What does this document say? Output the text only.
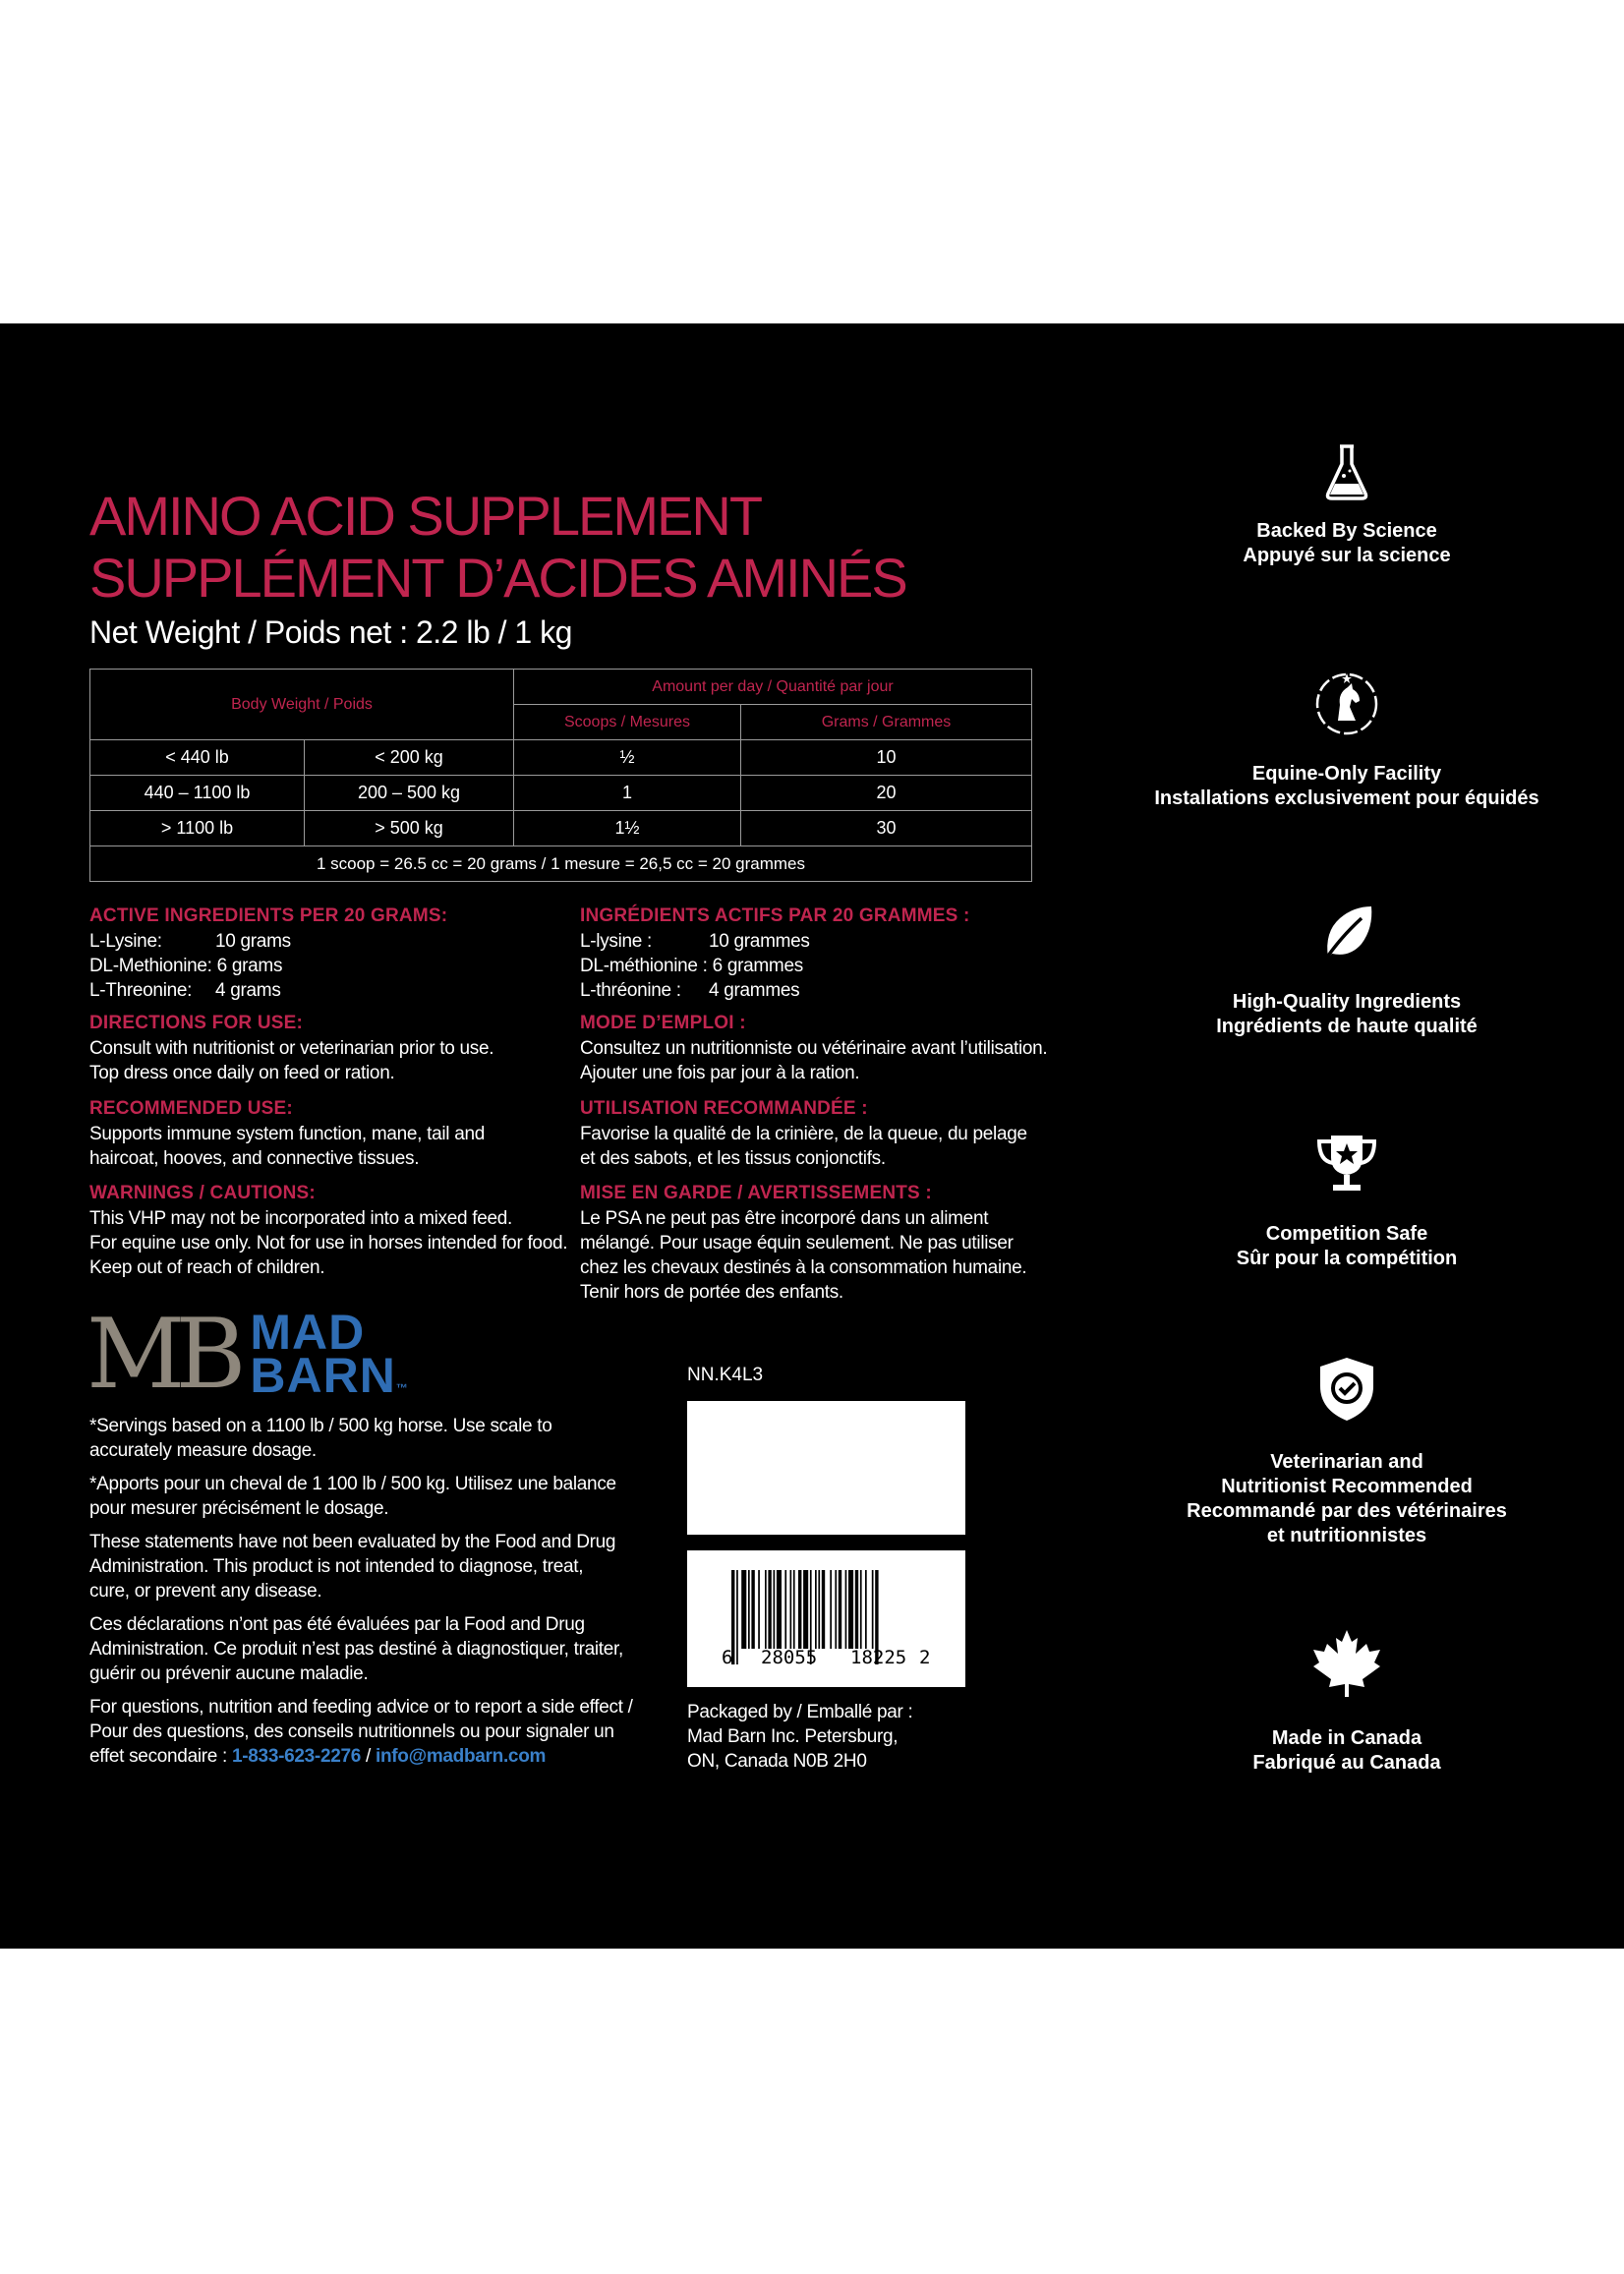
AMINO ACID SUPPLEMENT
SUPPLÉMENT D’ACIDES AMINÉS
Net Weight / Poids net : 2.2 lb / 1 kg
Body Weight / Poids		Amount per day / Quantité par jour	
		Scoops / Mesures	Grams / Grammes
< 440 lb	< 200 kg	½	10
440 – 1100 lb	200 – 500 kg	1	20
> 1100 lb	> 500 kg	1½	30
1 scoop = 26.5 cc = 20 grams / 1 mesure = 26,5 cc = 20 grammes			
ACTIVE INGREDIENTS PER 20 GRAMS:
L-Lysine:	10 grams
DL-Methionine: 6 grams
L-Threonine:	4 grams
DIRECTIONS FOR USE:
Consult with nutritionist or veterinarian prior to use.
Top dress once daily on feed or ration.
RECOMMENDED USE:
Supports immune system function, mane, tail and
haircoat, hooves, and connective tissues.
WARNINGS / CAUTIONS:
This VHP may not be incorporated into a mixed feed.
For equine use only. Not for use in horses intended for food.
Keep out of reach of children.
INGRÉDIENTS ACTIFS PAR 20 GRAMMES :
L-lysine :	10 grammes
DL-méthionine : 6 grammes
L-thréonine :	4 grammes
MODE D’EMPLOI :
Consultez un nutritionniste ou vétérinaire avant l’utilisation.
Ajouter une fois par jour à la ration.
UTILISATION RECOMMANDÉE :
Favorise la qualité de la crinière, de la queue, du pelage
et des sabots, et les tissus conjonctifs.
MISE EN GARDE / AVERTISSEMENTS :
Le PSA ne peut pas être incorporé dans un aliment
mélangé. Pour usage équin seulement. Ne pas utiliser
chez les chevaux destinés à la consommation humaine.
Tenir hors de portée des enfants.
MB MAD
BARN™
*Servings based on a 1100 lb / 500 kg horse. Use scale to
accurately measure dosage.
*Apports pour un cheval de 1 100 lb / 500 kg. Utilisez une balance
pour mesurer précisément le dosage.
These statements have not been evaluated by the Food and Drug
Administration. This product is not intended to diagnose, treat,
cure, or prevent any disease.
Ces déclarations n’ont pas été évaluées par la Food and Drug
Administration. Ce produit n’est pas destiné à diagnostiquer, traiter,
guérir ou prévenir aucune maladie.
For questions, nutrition and feeding advice or to report a side effect /
Pour des questions, des conseils nutritionnels ou pour signaler un
effet secondaire : 1-833-623-2276 / info@madbarn.com
NN.K4L3
6 28055 18225 2
Packaged by / Emballé par :
Mad Barn Inc. Petersburg,
ON, Canada N0B 2H0
Backed By Science
Appuyé sur la science
Equine-Only Facility
Installations exclusivement pour équidés
High-Quality Ingredients
Ingrédients de haute qualité
Competition Safe
Sûr pour la compétition
Veterinarian and
Nutritionist Recommended
Recommandé par des vétérinaires
et nutritionnistes
Made in Canada
Fabriqué au Canada
